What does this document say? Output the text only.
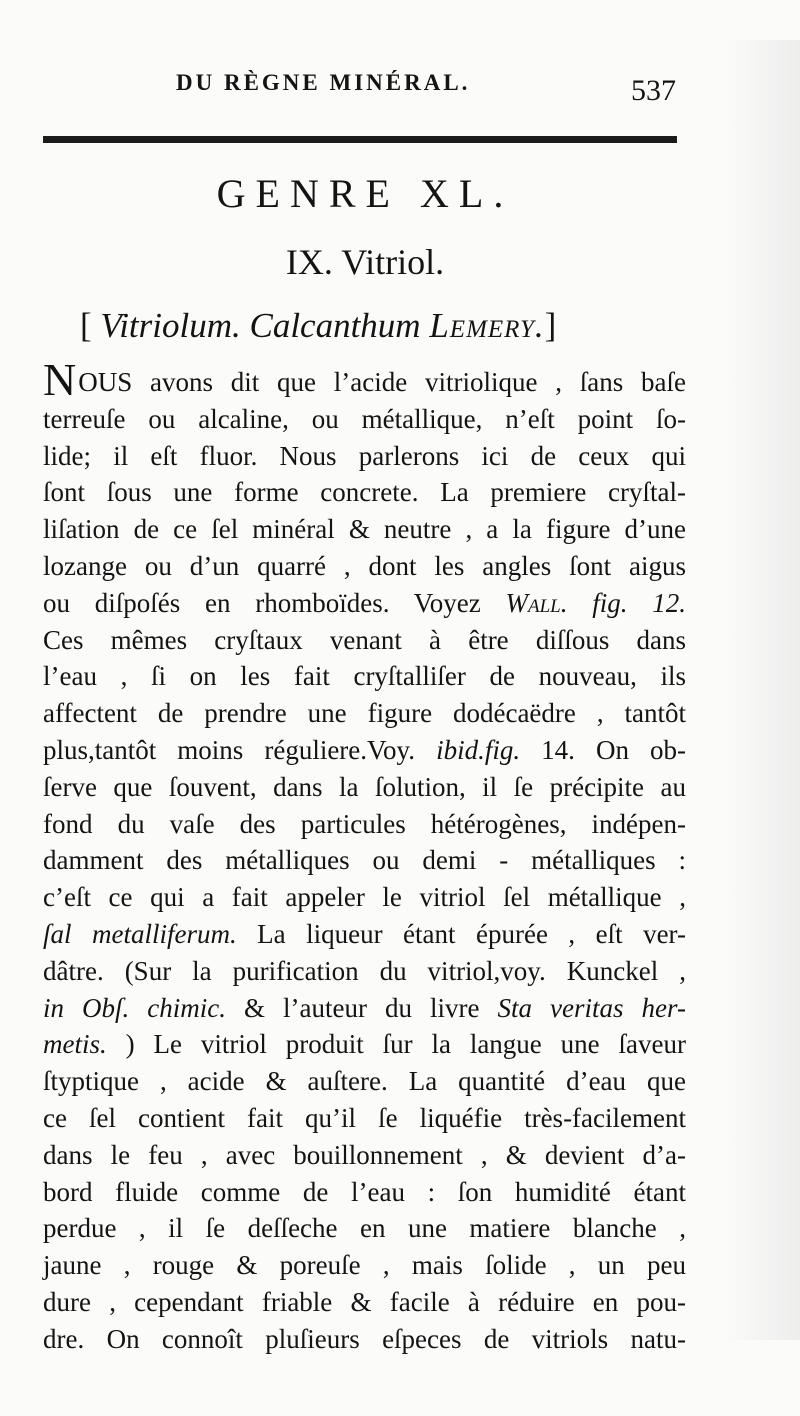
DU RÈGNE MINÉRAL.	537
GENRE XL.
IX. Vitriol.
[ Vitriolum. Calcanthum Lemery.]
NOUS avons dit que l’acide vitriolique , ſans baſe
terreuſe ou alcaline, ou métallique, n’eſt point ſo-
lide; il eſt fluor. Nous parlerons ici de ceux qui
ſont ſous une forme concrete. La premiere cryſtal-
liſation de ce ſel minéral & neutre , a la figure d’une
lozange ou d’un quarré , dont les angles ſont aigus
ou diſpoſés en rhomboïdes. Voyez Wall. fig. 12.
Ces mêmes cryſtaux venant à être diſſous dans
l’eau , ſi on les fait cryſtalliſer de nouveau, ils
affectent de prendre une figure dodécaëdre , tantôt
plus,tantôt moins réguliere.Voy. ibid.fig. 14. On ob-
ſerve que ſouvent, dans la ſolution, il ſe précipite au
fond du vaſe des particules hétérogènes, indépen-
damment des métalliques ou demi - métalliques :
c’eſt ce qui a fait appeler le vitriol ſel métallique ,
ſal metalliferum. La liqueur étant épurée , eſt ver-
dâtre. (Sur la purification du vitriol,voy. Kunckel ,
in Obſ. chimic. & l’auteur du livre Sta veritas her-
metis. ) Le vitriol produit ſur la langue une ſaveur
ſtyptique , acide & auſtere. La quantité d’eau que
ce ſel contient fait qu’il ſe liquéfie très-facilement
dans le feu , avec bouillonnement , & devient d’a-
bord fluide comme de l’eau : ſon humidité étant
perdue , il ſe deſſeche en une matiere blanche ,
jaune , rouge & poreuſe , mais ſolide , un peu
dure , cependant friable & facile à réduire en pou-
dre. On connoît pluſieurs eſpeces de vitriols natu-
